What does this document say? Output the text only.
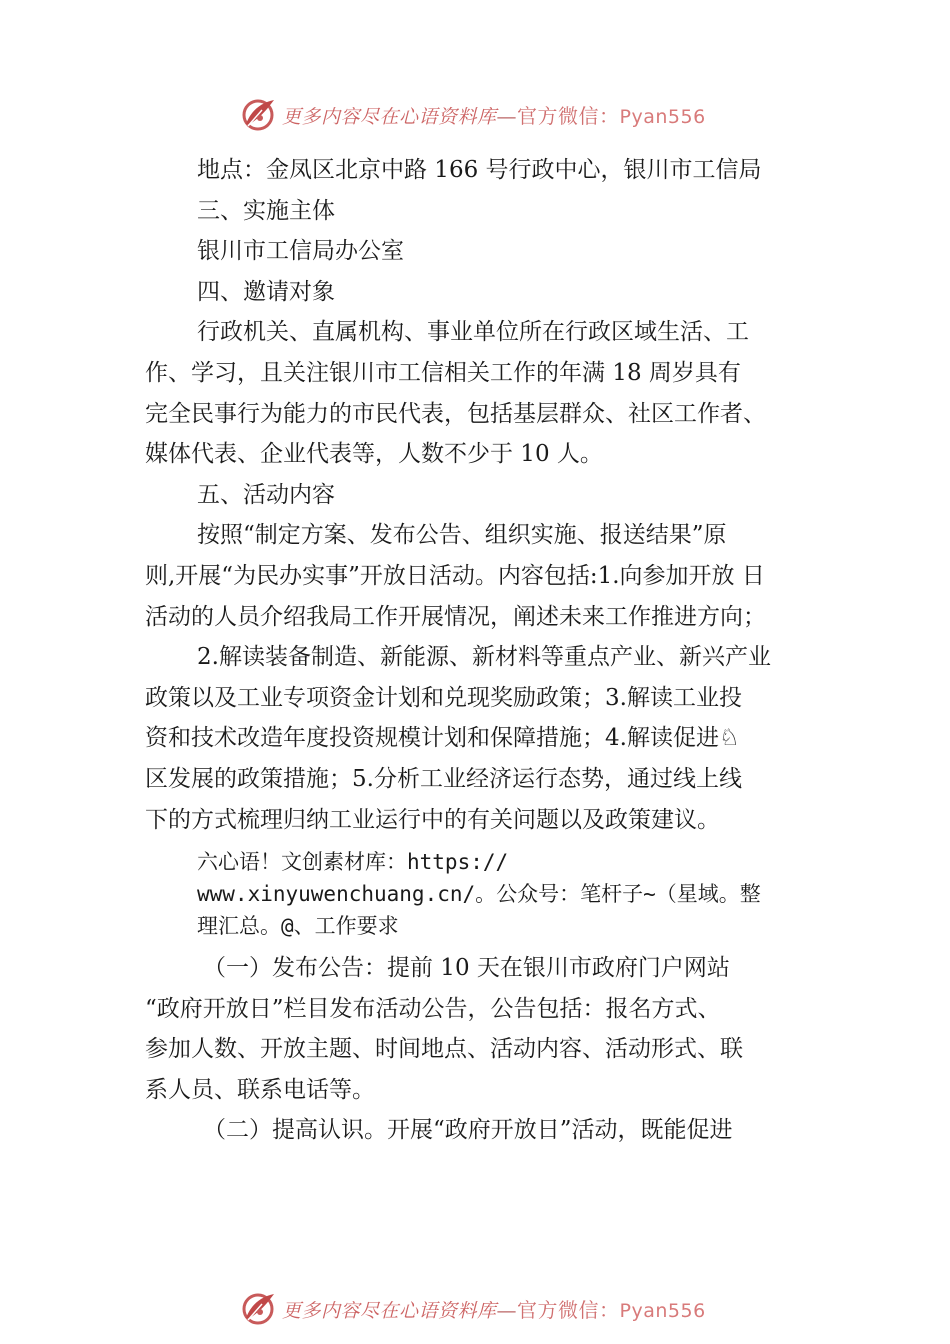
更多内容尽在心语资料库—官方微信：Pyan556
地点：金凤区北京中路 166 号行政中心，银川市工信局
三、实施主体
银川市工信局办公室
四、邀请对象
行政机关、直属机构、事业单位所在行政区域生活、工
作、学习，且关注银川市工信相关工作的年满 18 周岁具有
完全民事行为能力的市民代表，包括基层群众、社区工作者、
媒体代表、企业代表等，人数不少于 10 人。
五、活动内容
按照“制定方案、发布公告、组织实施、报送结果”原
则,开展“为民办实事”开放日活动。内容包括:1.向参加开放 日
活动的人员介绍我局工作开展情况，阐述未来工作推进方向；
2.解读装备制造、新能源、新材料等重点产业、新兴产业
政策以及工业专项资金计划和兑现奖励政策；3.解读工业投
资和技术改造年度投资规模计划和保障措施；4.解读促进♘
区发展的政策措施；5.分析工业经济运行态势，通过线上线
下的方式梳理归纳工业运行中的有关问题以及政策建议。
六心语！文创素材库：https://
www.xinyuwenchuang.cn/。公众号：笔杆子~（星域。整
理汇总。@、工作要求
（一）发布公告：提前 10 天在银川市政府门户网站
“政府开放日”栏目发布活动公告，公告包括：报名方式、
参加人数、开放主题、时间地点、活动内容、活动形式、联
系人员、联系电话等。
（二）提高认识。开展“政府开放日”活动，既能促进
更多内容尽在心语资料库—官方微信：Pyan556
